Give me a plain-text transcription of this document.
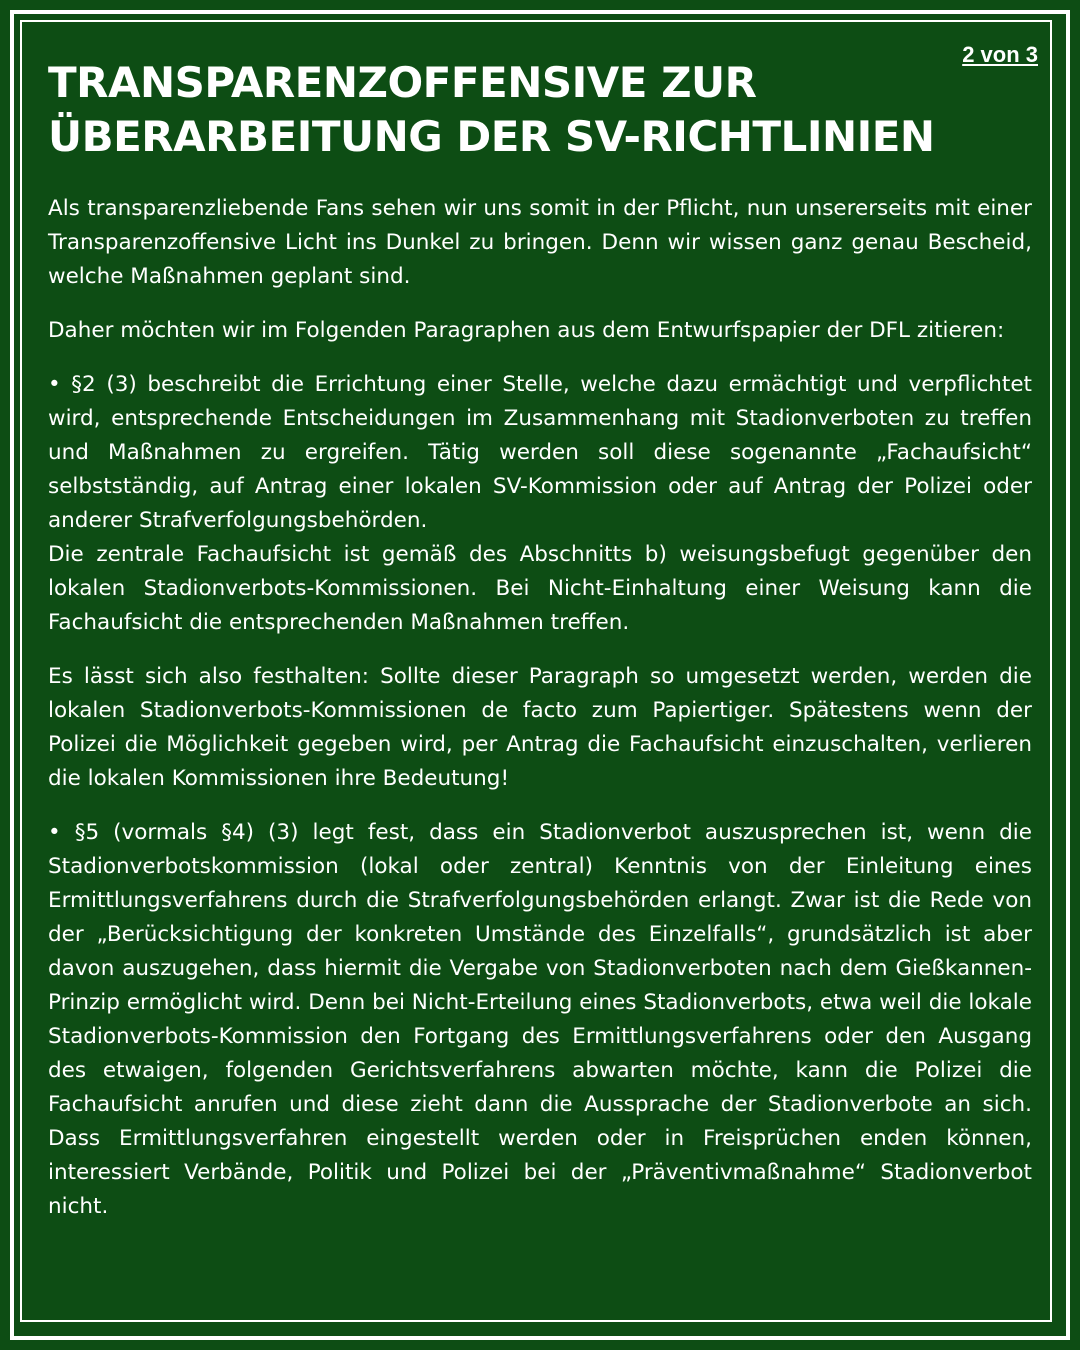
2 von 3
TRANSPARENZOFFENSIVE ZUR ÜBERARBEITUNG DER SV-RICHTLINIEN

Als transparenzliebende Fans sehen wir uns somit in der Pflicht, nun unsererseits mit einer Transparenzoffensive Licht ins Dunkel zu bringen. Denn wir wissen ganz genau Bescheid, welche Maßnahmen geplant sind.

Daher möchten wir im Folgenden Paragraphen aus dem Entwurfspapier der DFL zitieren:

• §2 (3) beschreibt die Errichtung einer Stelle, welche dazu ermächtigt und verpflichtet wird, entsprechende Entscheidungen im Zusammenhang mit Stadionverboten zu treffen und Maßnahmen zu ergreifen. Tätig werden soll diese sogenannte „Fachaufsicht“ selbstständig, auf Antrag einer lokalen SV-Kommission oder auf Antrag der Polizei oder anderer Strafverfolgungsbehörden.

Die zentrale Fachaufsicht ist gemäß des Abschnitts b) weisungsbefugt gegenüber den lokalen Stadionverbots-Kommissionen. Bei Nicht-Einhaltung einer Weisung kann die Fachaufsicht die entsprechenden Maßnahmen treffen.

Es lässt sich also festhalten: Sollte dieser Paragraph so umgesetzt werden, werden die lokalen Stadionverbots-Kommissionen de facto zum Papiertiger. Spätestens wenn der Polizei die Möglichkeit gegeben wird, per Antrag die Fachaufsicht einzuschalten, verlieren die lokalen Kommissionen ihre Bedeutung!

• §5 (vormals §4) (3) legt fest, dass ein Stadionverbot auszusprechen ist, wenn die Stadionverbotskommission (lokal oder zentral) Kenntnis von der Einleitung eines Ermittlungsverfahrens durch die Strafverfolgungsbehörden erlangt. Zwar ist die Rede von der „Berücksichtigung der konkreten Umstände des Einzelfalls“, grundsätzlich ist aber davon auszugehen, dass hiermit die Vergabe von Stadionverboten nach dem Gießkannen-Prinzip ermöglicht wird. Denn bei Nicht-Erteilung eines Stadionverbots, etwa weil die lokale Stadionverbots-Kommission den Fortgang des Ermittlungsverfahrens oder den Ausgang des etwaigen, folgenden Gerichtsverfahrens abwarten möchte, kann die Polizei die Fachaufsicht anrufen und diese zieht dann die Aussprache der Stadionverbote an sich. Dass Ermittlungsverfahren eingestellt werden oder in Freisprüchen enden können, interessiert Verbände, Politik und Polizei bei der „Präventivmaßnahme“ Stadionverbot nicht.
